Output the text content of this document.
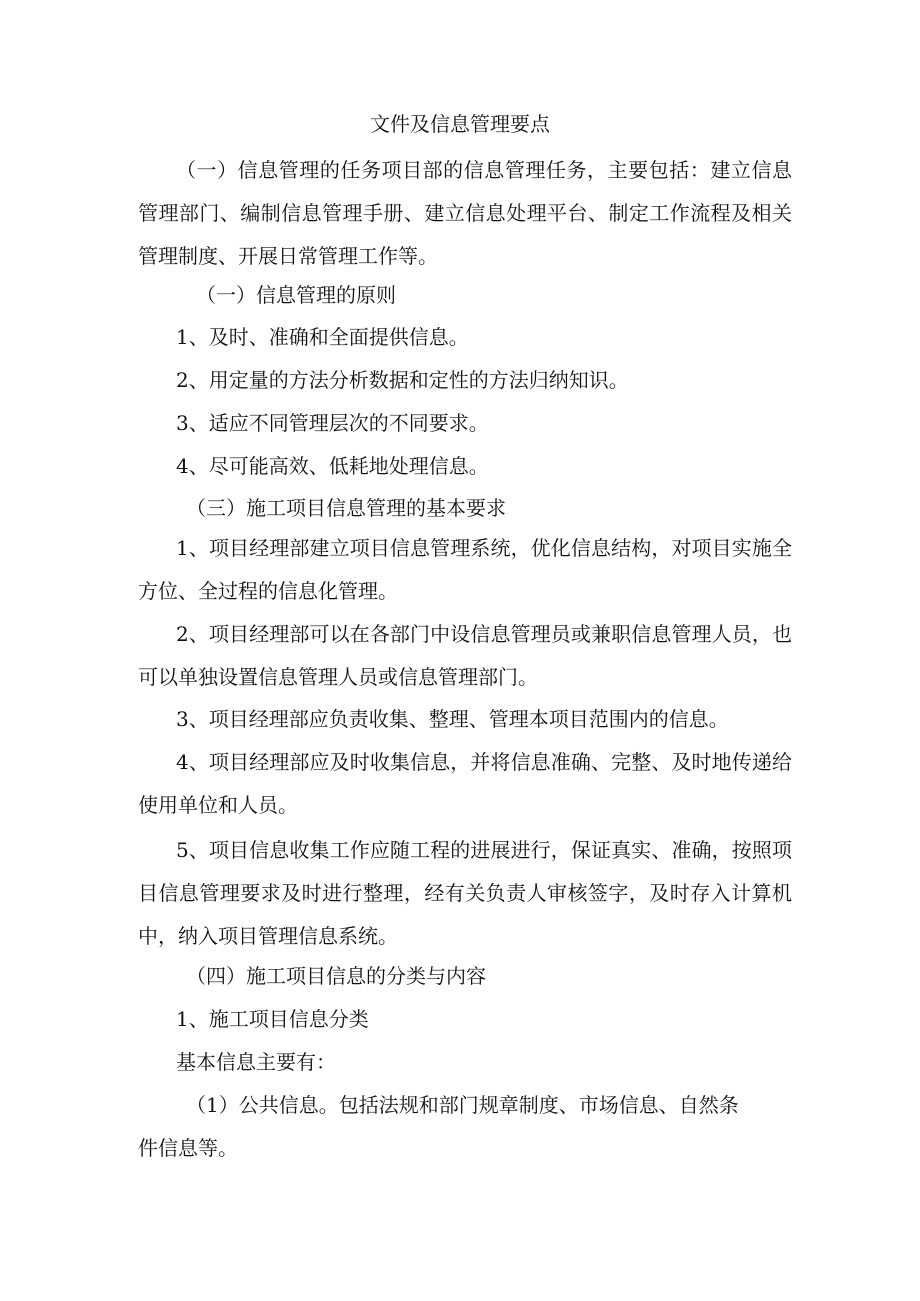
文件及信息管理要点

（一）信息管理的任务项目部的信息管理任务，主要包括：建立信息管理部门、编制信息管理手册、建立信息处理平台、制定工作流程及相关管理制度、开展日常管理工作等。

（一）信息管理的原则
1、及时、准确和全面提供信息。
2、用定量的方法分析数据和定性的方法归纳知识。
3、适应不同管理层次的不同要求。
4、尽可能高效、低耗地处理信息。
（三）施工项目信息管理的基本要求

1、项目经理部建立项目信息管理系统，优化信息结构，对项目实施全方位、全过程的信息化管理。

2、项目经理部可以在各部门中设信息管理员或兼职信息管理人员，也可以单独设置信息管理人员或信息管理部门。

3、项目经理部应负责收集、整理、管理本项目范围内的信息。

4、项目经理部应及时收集信息，并将信息准确、完整、及时地传递给使用单位和人员。

5、项目信息收集工作应随工程的进展进行，保证真实、准确，按照项目信息管理要求及时进行整理，经有关负责人审核签字，及时存入计算机中，纳入项目管理信息系统。

（四）施工项目信息的分类与内容
1、施工项目信息分类
基本信息主要有：
（1）公共信息。包括法规和部门规章制度、市场信息、自然条
件信息等。
